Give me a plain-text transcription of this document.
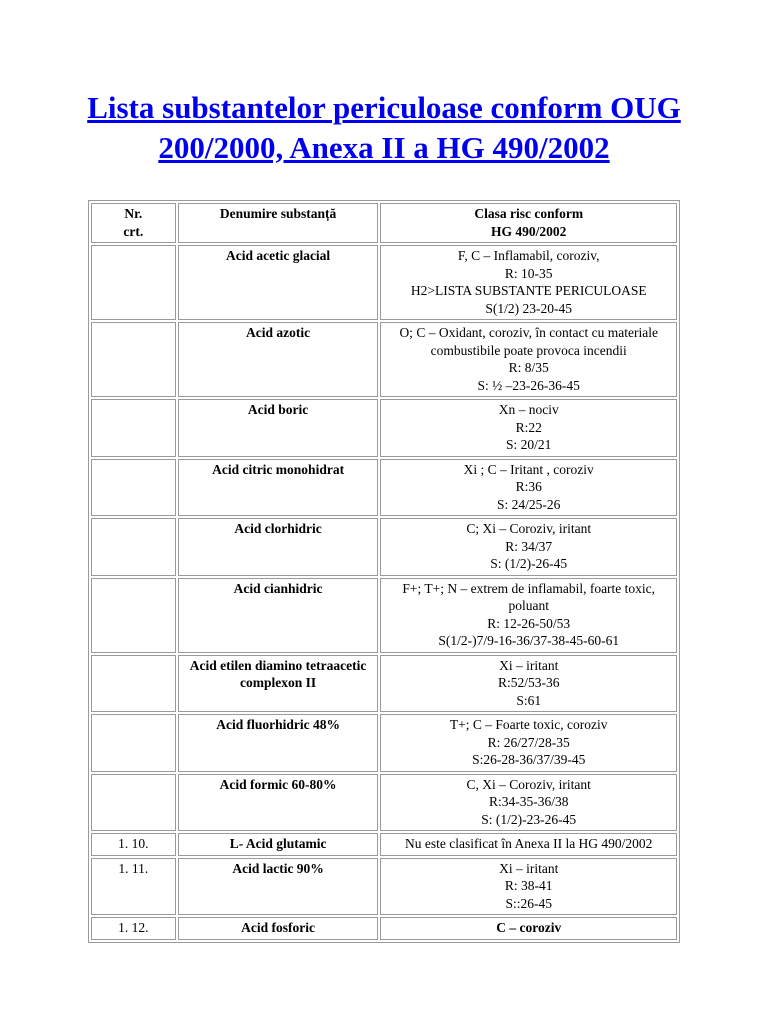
Lista substantelor periculoase conform OUG 200/2000, Anexa II a HG 490/2002
Nr.
crt.	Denumire substanță	Clasa risc conform
HG 490/2002

	Acid acetic glacial	F, C – Inflamabil, coroziv,
R: 10-35
H2>LISTA SUBSTANTE PERICULOASE
S(1/2) 23-20-45

	Acid azotic	O; C – Oxidant, coroziv, în contact cu materiale
combustibile poate provoca incendii
R: 8/35
S: ½ –23-26-36-45

	Acid boric	Xn – nociv
R:22
S: 20/21

	Acid citric monohidrat	Xi ; C – Iritant , coroziv
R:36
S: 24/25-26

	Acid clorhidric	C; Xi – Coroziv, iritant
R: 34/37
S: (1/2)-26-45

	Acid cianhidric	F+; T+; N – extrem de inflamabil, foarte toxic,
poluant
R: 12-26-50/53
S(1/2-)7/9-16-36/37-38-45-60-61

	Acid etilen diamino tetraacetic
complexon II	Xi – iritant
R:52/53-36
S:61

	Acid fluorhidric 48%	T+; C – Foarte toxic, coroziv
R: 26/27/28-35
S:26-28-36/37/39-45

	Acid formic 60-80%	C, Xi – Coroziv, iritant
R:34-35-36/38
S: (1/2)-23-26-45

1. 10.	L- Acid glutamic	Nu este clasificat în Anexa II la HG 490/2002

1. 11.	Acid lactic 90%	Xi – iritant
R: 38-41
S::26-45

1. 12.	Acid fosforic	C – coroziv
